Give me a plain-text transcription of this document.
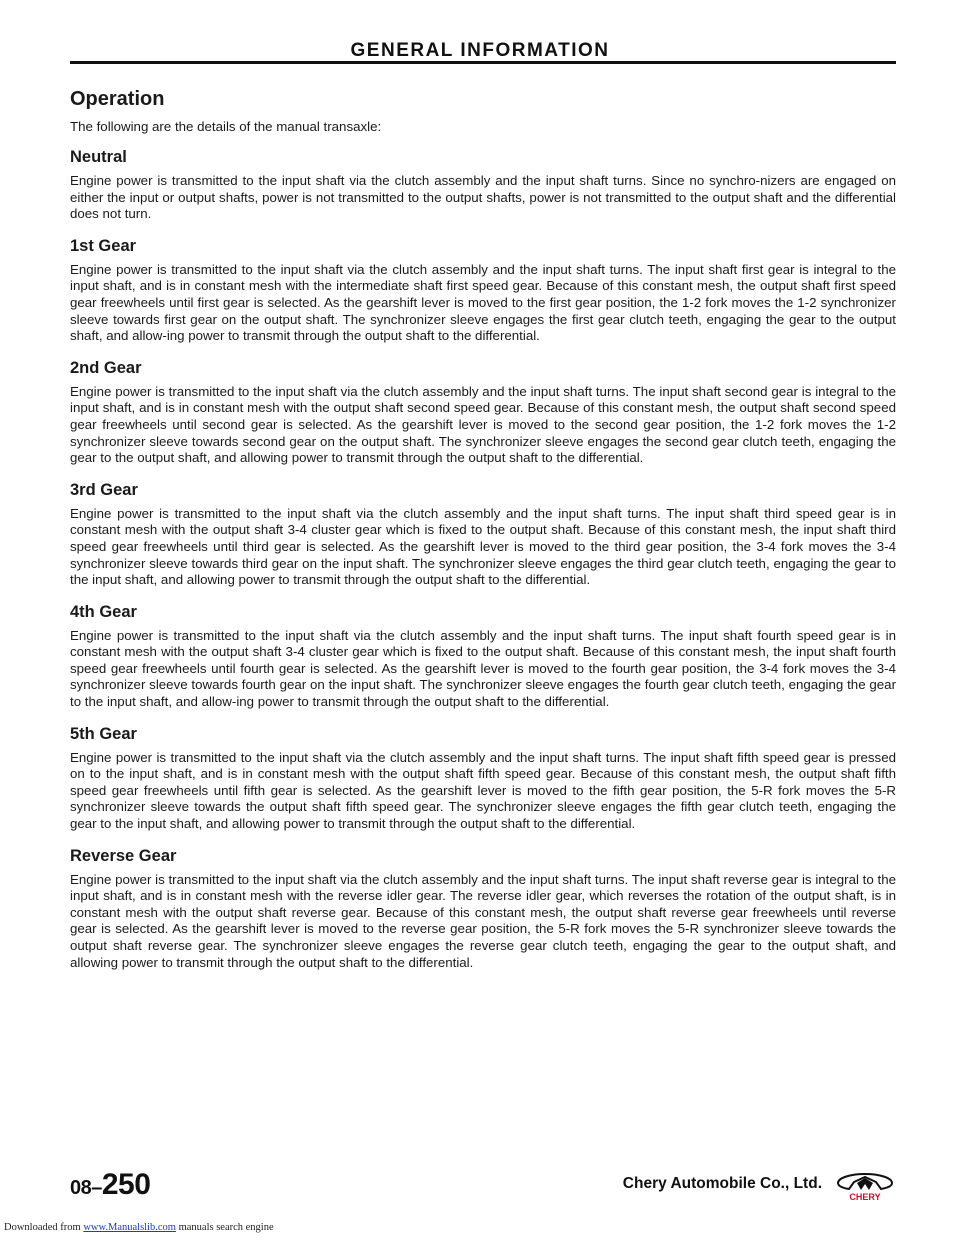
GENERAL INFORMATION
Operation

The following are the details of the manual transaxle:

Neutral

Engine power is transmitted to the input shaft via the clutch assembly and the input shaft turns. Since no synchro-nizers are engaged on either the input or output shafts, power is not transmitted to the output shafts, power is not transmitted to the output shaft and the differential does not turn.

1st Gear

Engine power is transmitted to the input shaft via the clutch assembly and the input shaft turns. The input shaft first gear is integral to the input shaft, and is in constant mesh with the intermediate shaft first speed gear. Because of this constant mesh, the output shaft first speed gear freewheels until first gear is selected. As the gearshift lever is moved to the first gear position, the 1-2 fork moves the 1-2 synchronizer sleeve towards first gear on the output shaft. The synchronizer sleeve engages the first gear clutch teeth, engaging the gear to the output shaft, and allow-ing power to transmit through the output shaft to the differential.

2nd Gear

Engine power is transmitted to the input shaft via the clutch assembly and the input shaft turns. The input shaft second gear is integral to the input shaft, and is in constant mesh with the output shaft second speed gear. Because of this constant mesh, the output shaft second speed gear freewheels until second gear is selected. As the gearshift lever is moved to the second gear position, the 1-2 fork moves the 1-2 synchronizer sleeve towards second gear on the output shaft. The synchronizer sleeve engages the second gear clutch teeth, engaging the gear to the output shaft, and allowing power to transmit through the output shaft to the differential.

3rd Gear

Engine power is transmitted to the input shaft via the clutch assembly and the input shaft turns. The input shaft third speed gear is in constant mesh with the output shaft 3-4 cluster gear which is fixed to the output shaft. Because of this constant mesh, the input shaft third speed gear freewheels until third gear is selected. As the gearshift lever is moved to the third gear position, the 3-4 fork moves the 3-4 synchronizer sleeve towards third gear on the input shaft. The synchronizer sleeve engages the third gear clutch teeth, engaging the gear to the input shaft, and allowing power to transmit through the output shaft to the differential.

4th Gear

Engine power is transmitted to the input shaft via the clutch assembly and the input shaft turns. The input shaft fourth speed gear is in constant mesh with the output shaft 3-4 cluster gear which is fixed to the output shaft. Because of this constant mesh, the input shaft fourth speed gear freewheels until fourth gear is selected. As the gearshift lever is moved to the fourth gear position, the 3-4 fork moves the 3-4 synchronizer sleeve towards fourth gear on the input shaft. The synchronizer sleeve engages the fourth gear clutch teeth, engaging the gear to the input shaft, and allow-ing power to transmit through the output shaft to the differential.

5th Gear

Engine power is transmitted to the input shaft via the clutch assembly and the input shaft turns. The input shaft fifth speed gear is pressed on to the input shaft, and is in constant mesh with the output shaft fifth speed gear. Because of this constant mesh, the output shaft fifth speed gear freewheels until fifth gear is selected. As the gearshift lever is moved to the fifth gear position, the 5-R fork moves the 5-R synchronizer sleeve towards the output shaft fifth speed gear. The synchronizer sleeve engages the fifth gear clutch teeth, engaging the gear to the input shaft, and allowing power to transmit through the output shaft to the differential.

Reverse Gear

Engine power is transmitted to the input shaft via the clutch assembly and the input shaft turns. The input shaft reverse gear is integral to the input shaft, and is in constant mesh with the reverse idler gear. The reverse idler gear, which reverses the rotation of the output shaft, is in constant mesh with the output shaft reverse gear. Because of this constant mesh, the output shaft reverse gear freewheels until reverse gear is selected. As the gearshift lever is moved to the reverse gear position, the 5-R fork moves the 5-R synchronizer sleeve towards the output shaft reverse gear. The synchronizer sleeve engages the reverse gear clutch teeth, engaging the gear to the output shaft, and allowing power to transmit through the output shaft to the differential.

08–250	Chery Automobile Co., Ltd.
CHERY
Downloaded from www.Manualslib.com manuals search engine
